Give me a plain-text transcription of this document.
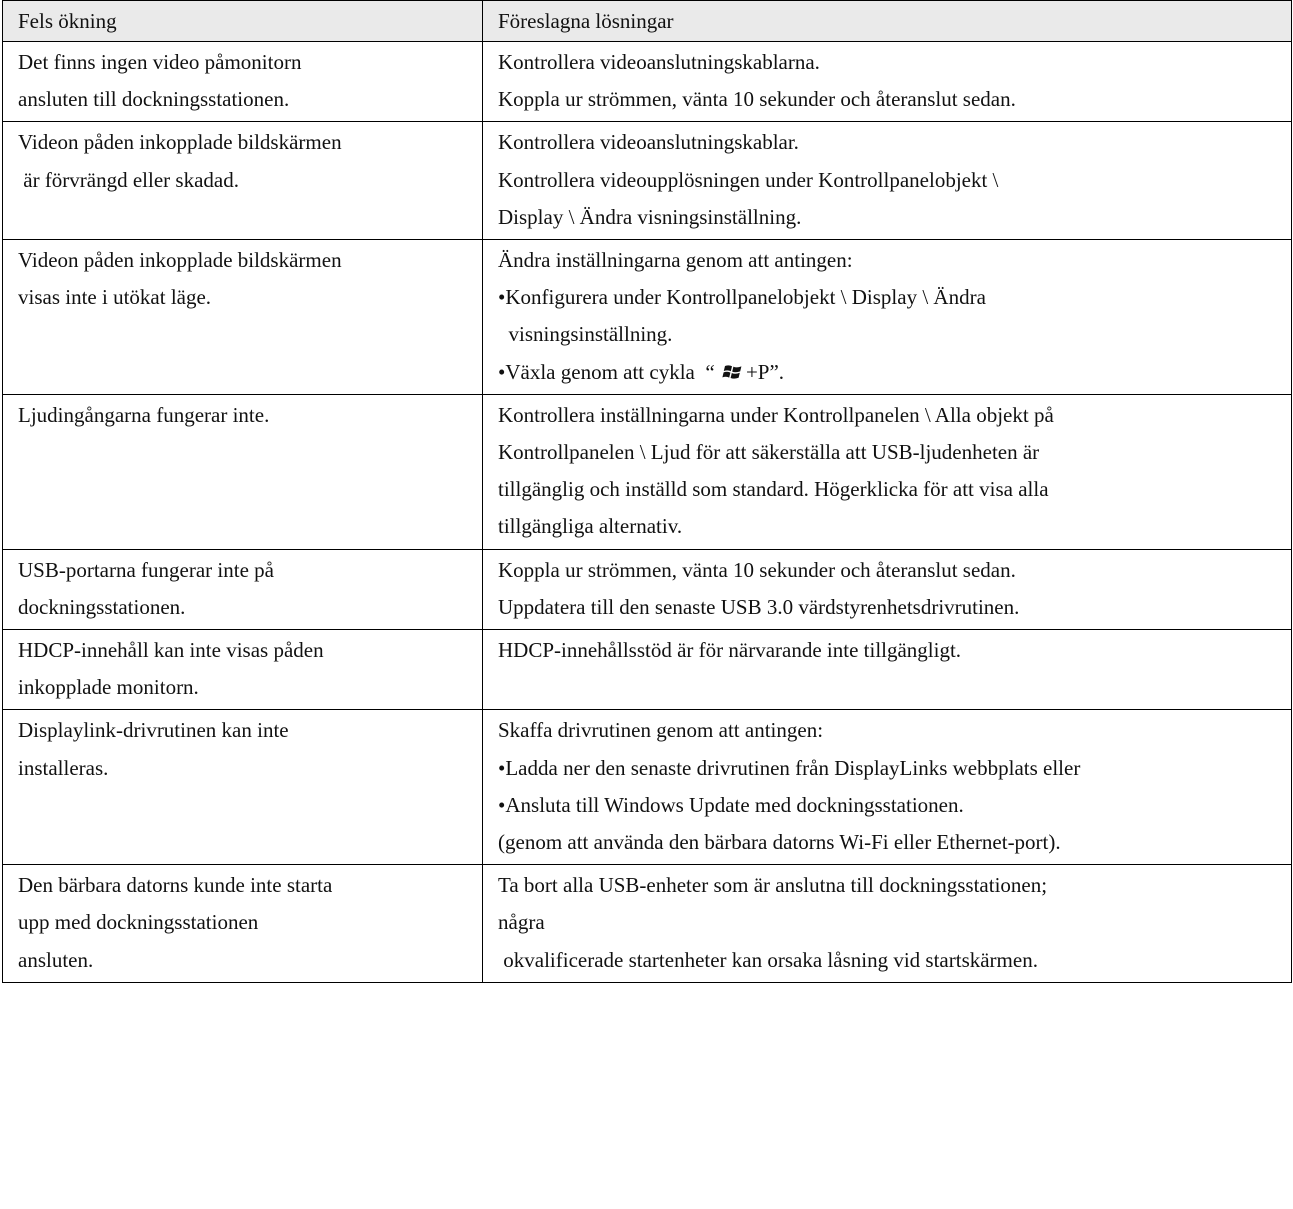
Fels ökning	Föreslagna lösningar

Det finns ingen video påmonitorn
ansluten till dockningsstationen.	Kontrollera videoanslutningskablarna.
Koppla ur strömmen, vänta 10 sekunder och återanslut sedan.

Videon påden inkopplade bildskärmen
är förvrängd eller skadad.	Kontrollera videoanslutningskablar.
Kontrollera videoupplösningen under Kontrollpanelobjekt \
Display \ Ändra visningsinställning.

Videon påden inkopplade bildskärmen
visas inte i utökat läge.	Ändra inställningarna genom att antingen:
•Konfigurera under Kontrollpanelobjekt \ Display \ Ändra
visningsinställning.
•Växla genom att cykla  “ +P”.

Ljudingångarna fungerar inte.	Kontrollera inställningarna under Kontrollpanelen \ Alla objekt på
Kontrollpanelen \ Ljud för att säkerställa att USB-ljudenheten är
tillgänglig och inställd som standard. Högerklicka för att visa alla
tillgängliga alternativ.

USB-portarna fungerar inte på
dockningsstationen.	Koppla ur strömmen, vänta 10 sekunder och återanslut sedan.
Uppdatera till den senaste USB 3.0 värdstyrenhetsdrivrutinen.

HDCP-innehåll kan inte visas påden
inkopplade monitorn.	HDCP-innehållsstöd är för närvarande inte tillgängligt.

Displaylink-drivrutinen kan inte
installeras.	Skaffa drivrutinen genom att antingen:
•Ladda ner den senaste drivrutinen från DisplayLinks webbplats eller
•Ansluta till Windows Update med dockningsstationen.
(genom att använda den bärbara datorns Wi-Fi eller Ethernet-port).

Den bärbara datorns kunde inte starta
upp med dockningsstationen
ansluten.	Ta bort alla USB-enheter som är anslutna till dockningsstationen;
några
okvalificerade startenheter kan orsaka låsning vid startskärmen.
